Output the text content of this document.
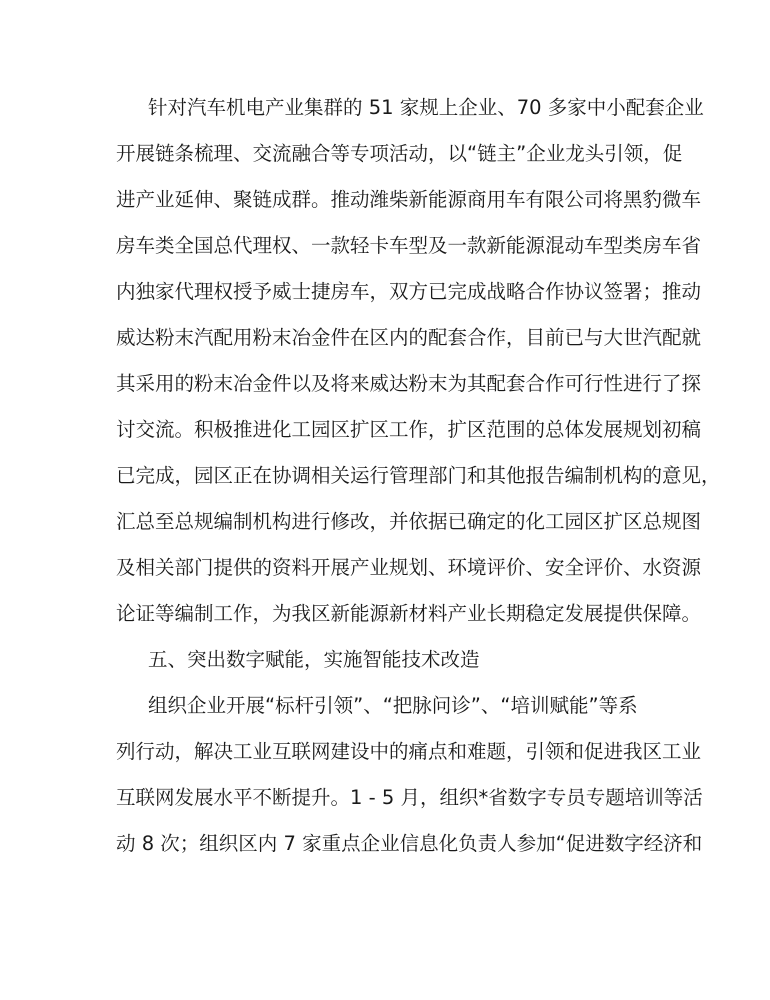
针对汽车机电产业集群的 51 家规上企业、70 多家中小配套企业
开展链条梳理、交流融合等专项活动，以“链主”企业龙头引领，促
进产业延伸、聚链成群。推动潍柴新能源商用车有限公司将黑豹微车
房车类全国总代理权、一款轻卡车型及一款新能源混动车型类房车省
内独家代理权授予威士捷房车，双方已完成战略合作协议签署；推动
威达粉末汽配用粉末冶金件在区内的配套合作，目前已与大世汽配就
其采用的粉末冶金件以及将来威达粉末为其配套合作可行性进行了探
讨交流。积极推进化工园区扩区工作，扩区范围的总体发展规划初稿
已完成，园区正在协调相关运行管理部门和其他报告编制机构的意见，
汇总至总规编制机构进行修改，并依据已确定的化工园区扩区总规图
及相关部门提供的资料开展产业规划、环境评价、安全评价、水资源
论证等编制工作，为我区新能源新材料产业长期稳定发展提供保障。
五、突出数字赋能，实施智能技术改造
组织企业开展“标杆引领”、“把脉问诊”、“培训赋能”等系
列行动，解决工业互联网建设中的痛点和难题，引领和促进我区工业
互联网发展水平不断提升。1 - 5 月，组织*省数字专员专题培训等活
动 8 次；组织区内 7 家重点企业信息化负责人参加“促进数字经济和
